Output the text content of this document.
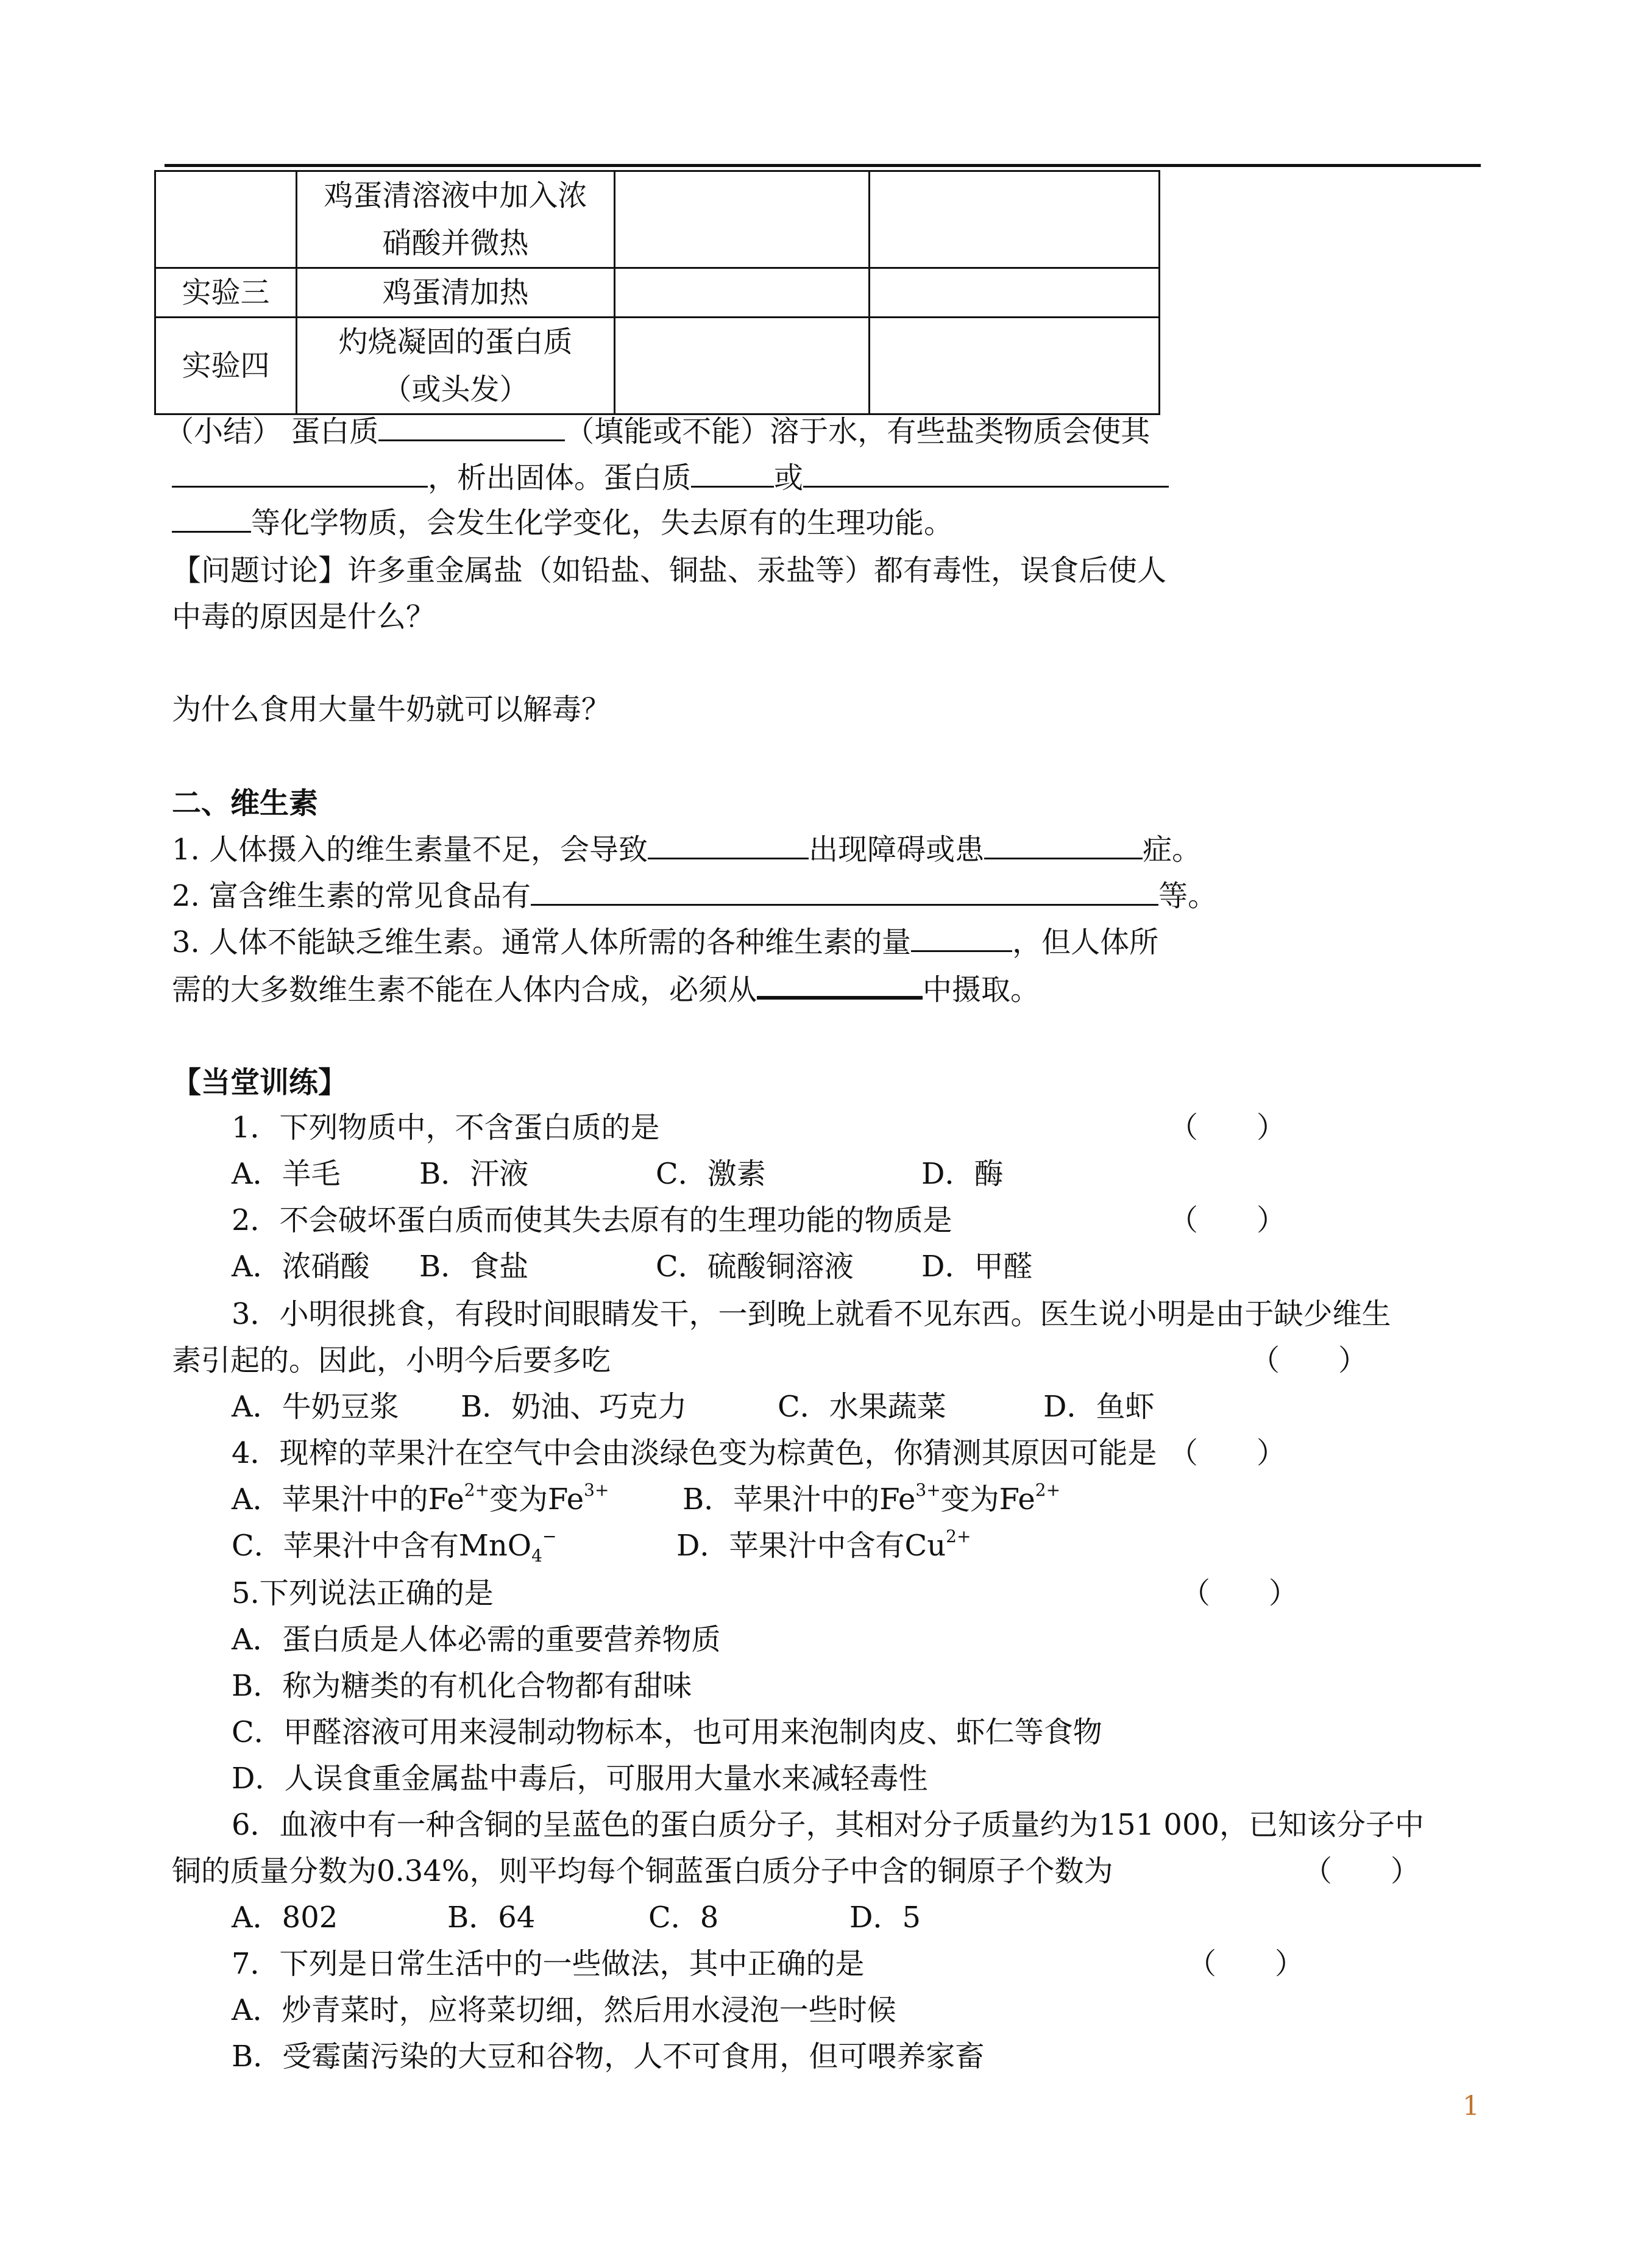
	鸡蛋清溶液中加入浓
硝酸并微热		
实验三	鸡蛋清加热		
实验四	灼烧凝固的蛋白质
（或头发）		
（小结） 蛋白质	（填能或不能）溶于水，有些盐类物质会使其
，析出固体。蛋白质	或
等化学物质，会发生化学变化，失去原有的生理功能。
【问题讨论】许多重金属盐（如铅盐、铜盐、汞盐等）都有毒性，误食后使人
中毒的原因是什么？
为什么食用大量牛奶就可以解毒？
二、维生素
1. 人体摄入的维生素量不足，会导致	出现障碍或患	症。
2. 富含维生素的常见食品有	等。
3. 人体不能缺乏维生素。通常人体所需的各种维生素的量	，但人体所
需的大多数维生素不能在人体内合成，必须从	中摄取。
【当堂训练】
1．下列物质中，不含蛋白质的是	（　　）
A．羊毛	B．汗液	C．激素	D．酶
2．不会破坏蛋白质而使其失去原有的生理功能的物质是	（　　）
A．浓硝酸 B．食盐	C．硫酸铜溶液 D．甲醛
3．小明很挑食，有段时间眼睛发干，一到晚上就看不见东西。医生说小明是由于缺少维生
素引起的。因此，小明今后要多吃	（　　）
A．牛奶豆浆 B．奶油、巧克力	C．水果蔬菜	D．鱼虾
4．现榨的苹果汁在空气中会由淡绿色变为棕黄色，你猜测其原因可能是 （　　）
A．苹果汁中的$Fe^{2+}$变为$Fe^{3+}$	B．苹果汁中的$Fe^{3+}$变为$Fe^{2+}$
C．苹果汁中含有MnO$_4$−	D．苹果汁中含有$Cu^{2+}$
5.下列说法正确的是	（　　）
A．蛋白质是人体必需的重要营养物质
B．称为糖类的有机化合物都有甜味
C．甲醛溶液可用来浸制动物标本，也可用来泡制肉皮、虾仁等食物
D．人误食重金属盐中毒后，可服用大量水来减轻毒性
6．血液中有一种含铜的呈蓝色的蛋白质分子，其相对分子质量约为151 000，已知该分子中
铜的质量分数为0.34%，则平均每个铜蓝蛋白质分子中含的铜原子个数为	（　　）
A．802	B．64	C．8	D．5
7．下列是日常生活中的一些做法，其中正确的是	（　　）
A．炒青菜时，应将菜切细，然后用水浸泡一些时候
B．受霉菌污染的大豆和谷物，人不可食用，但可喂养家畜
1
